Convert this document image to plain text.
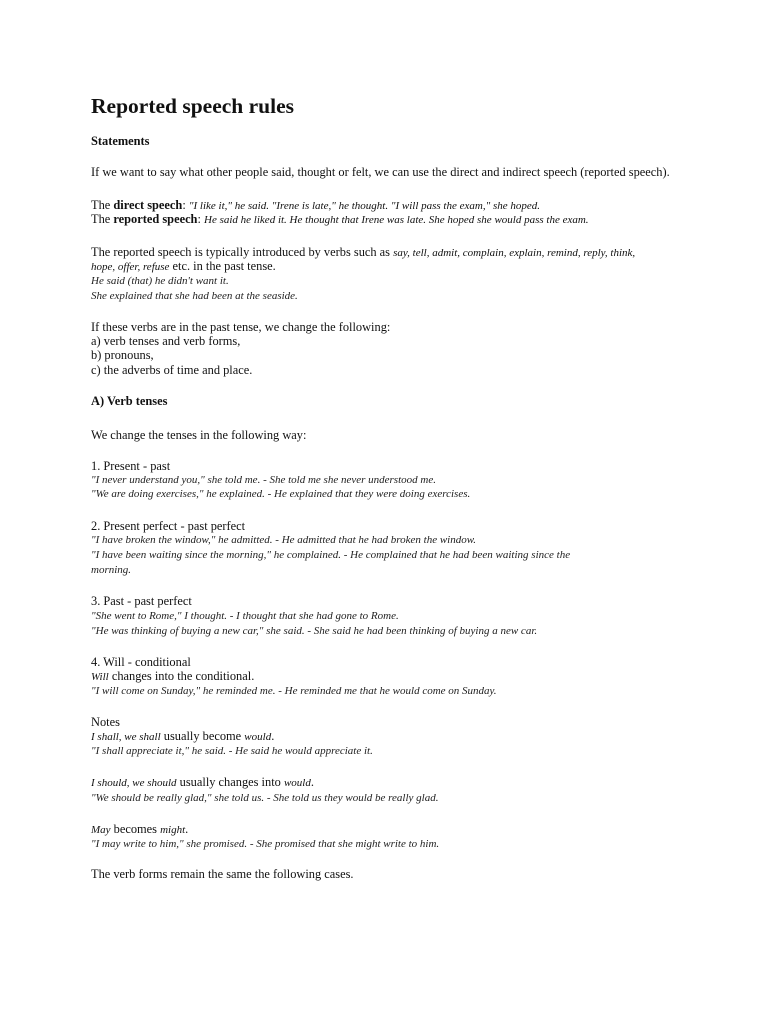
Reported speech rules
Statements
If we want to say what other people said, thought or felt, we can use the direct and indirect speech (reported speech).
The direct speech: "I like it," he said. "Irene is late," he thought. "I will pass the exam," she hoped.
The reported speech: He said he liked it. He thought that Irene was late. She hoped she would pass the exam.
The reported speech is typically introduced by verbs such as say, tell, admit, complain, explain, remind, reply, think,
hope, offer, refuse etc. in the past tense.
He said (that) he didn't want it.
She explained that she had been at the seaside.
If these verbs are in the past tense, we change the following:
a) verb tenses and verb forms,
b) pronouns,
c) the adverbs of time and place.
A) Verb tenses
We change the tenses in the following way:
1. Present - past
"I never understand you," she told me. - She told me she never understood me.
"We are doing exercises," he explained. - He explained that they were doing exercises.
2. Present perfect - past perfect
"I have broken the window," he admitted. - He admitted that he had broken the window.
"I have been waiting since the morning," he complained. - He complained that he had been waiting since the
morning.
3. Past - past perfect
"She went to Rome," I thought. - I thought that she had gone to Rome.
"He was thinking of buying a new car," she said. - She said he had been thinking of buying a new car.
4. Will - conditional
Will changes into the conditional.
"I will come on Sunday," he reminded me. - He reminded me that he would come on Sunday.
Notes
I shall, we shall usually become would.
"I shall appreciate it," he said. - He said he would appreciate it.
I should, we should usually changes into would.
"We should be really glad," she told us. - She told us they would be really glad.
May becomes might.
"I may write to him," she promised. - She promised that she might write to him.
The verb forms remain the same the following cases.
